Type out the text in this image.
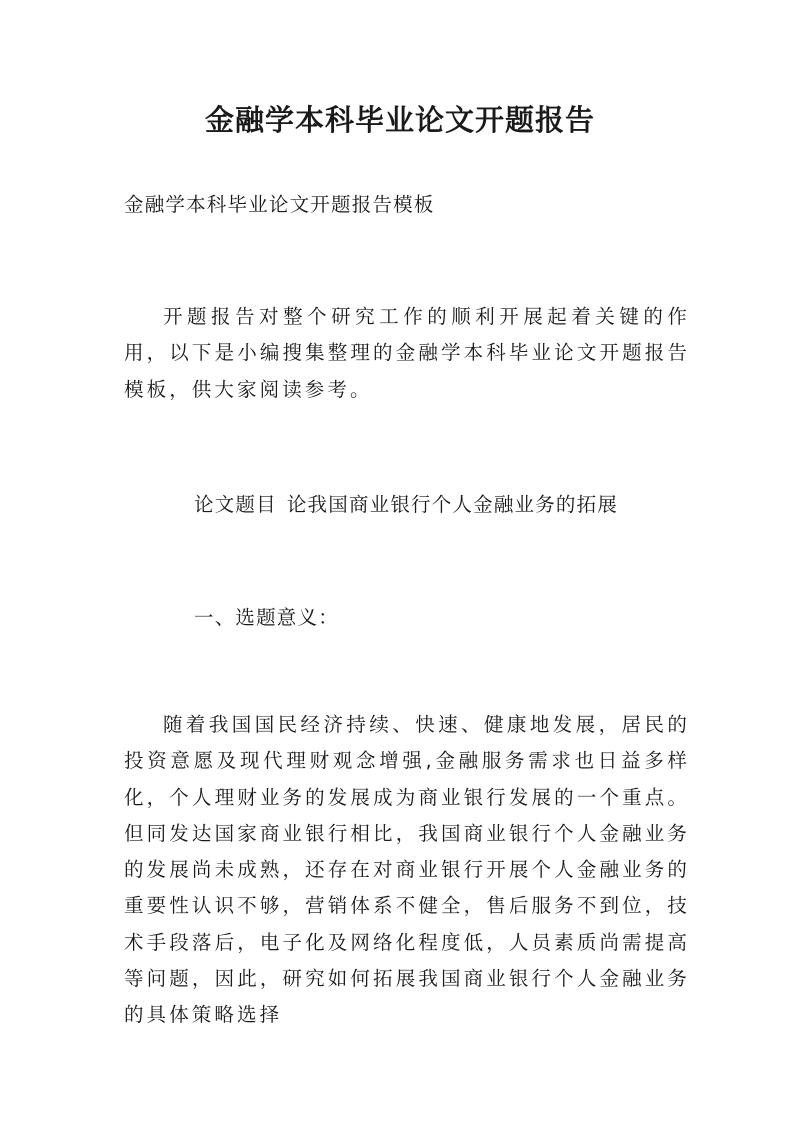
金融学本科毕业论文开题报告

金融学本科毕业论文开题报告模板

开题报告对整个研究工作的顺利开展起着关键的作用，以下是小编搜集整理的金融学本科毕业论文开题报告模板，供大家阅读参考。

论文题目 论我国商业银行个人金融业务的拓展

一、选题意义：

随着我国国民经济持续、快速、健康地发展，居民的投资意愿及现代理财观念增强,金融服务需求也日益多样化，个人理财业务的发展成为商业银行发展的一个重点。但同发达国家商业银行相比，我国商业银行个人金融业务的发展尚未成熟，还存在对商业银行开展个人金融业务的重要性认识不够，营销体系不健全，售后服务不到位，技术手段落后，电子化及网络化程度低，人员素质尚需提高等问题，因此，研究如何拓展我国商业银行个人金融业务的具体策略选择
